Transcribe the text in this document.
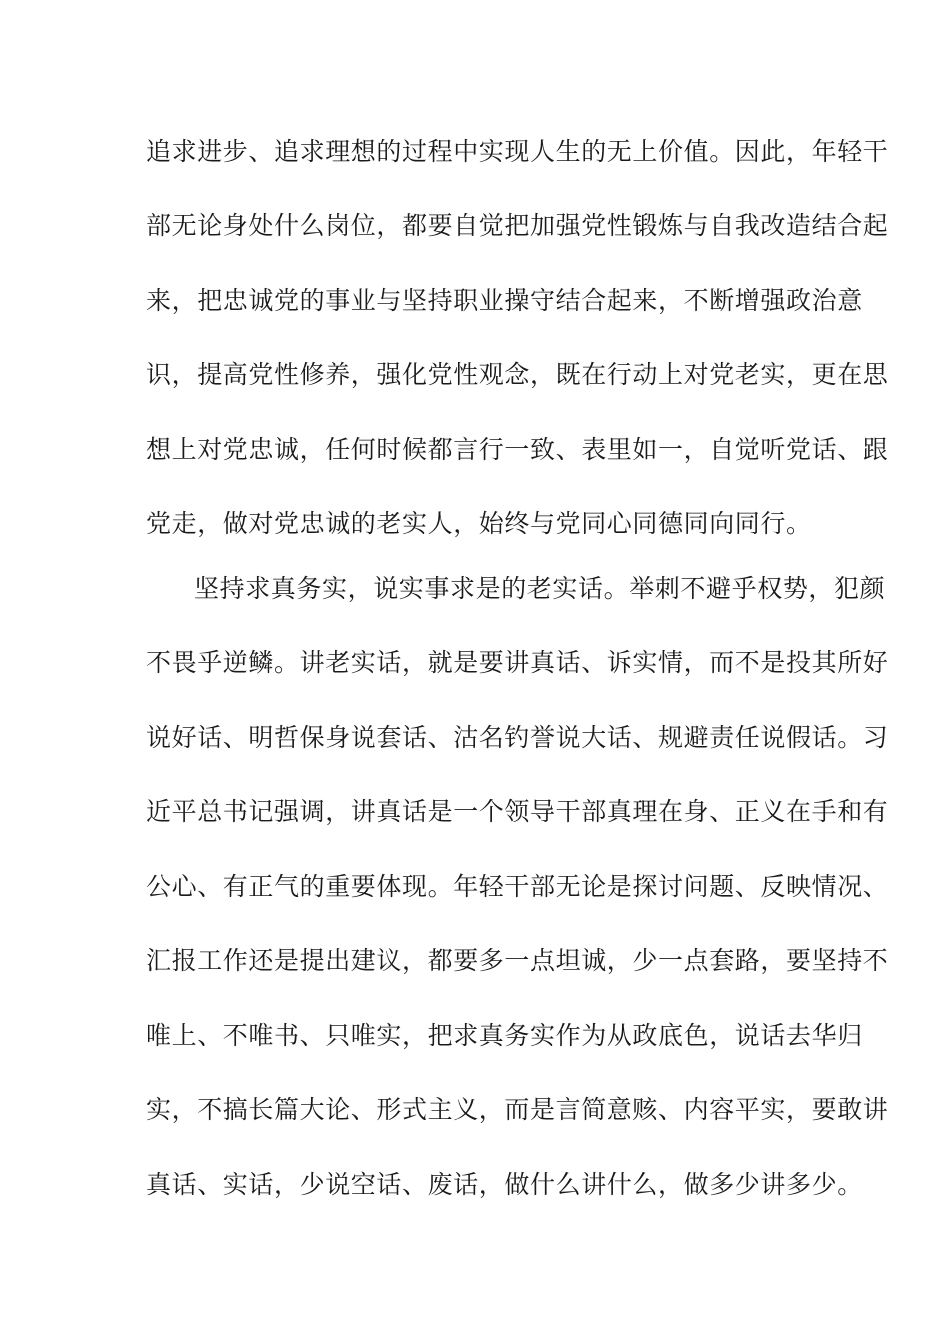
追求进步、追求理想的过程中实现人生的无上价值。因此，年轻干
部无论身处什么岗位，都要自觉把加强党性锻炼与自我改造结合起
来，把忠诚党的事业与坚持职业操守结合起来，不断增强政治意
识，提高党性修养，强化党性观念，既在行动上对党老实，更在思
想上对党忠诚，任何时候都言行一致、表里如一，自觉听党话、跟
党走，做对党忠诚的老实人，始终与党同心同德同向同行。
坚持求真务实，说实事求是的老实话。举刺不避乎权势，犯颜
不畏乎逆鳞。讲老实话，就是要讲真话、诉实情，而不是投其所好
说好话、明哲保身说套话、沽名钓誉说大话、规避责任说假话。习
近平总书记强调，讲真话是一个领导干部真理在身、正义在手和有
公心、有正气的重要体现。年轻干部无论是探讨问题、反映情况、
汇报工作还是提出建议，都要多一点坦诚，少一点套路，要坚持不
唯上、不唯书、只唯实，把求真务实作为从政底色，说话去华归
实，不搞长篇大论、形式主义，而是言简意赅、内容平实，要敢讲
真话、实话，少说空话、废话，做什么讲什么，做多少讲多少。
